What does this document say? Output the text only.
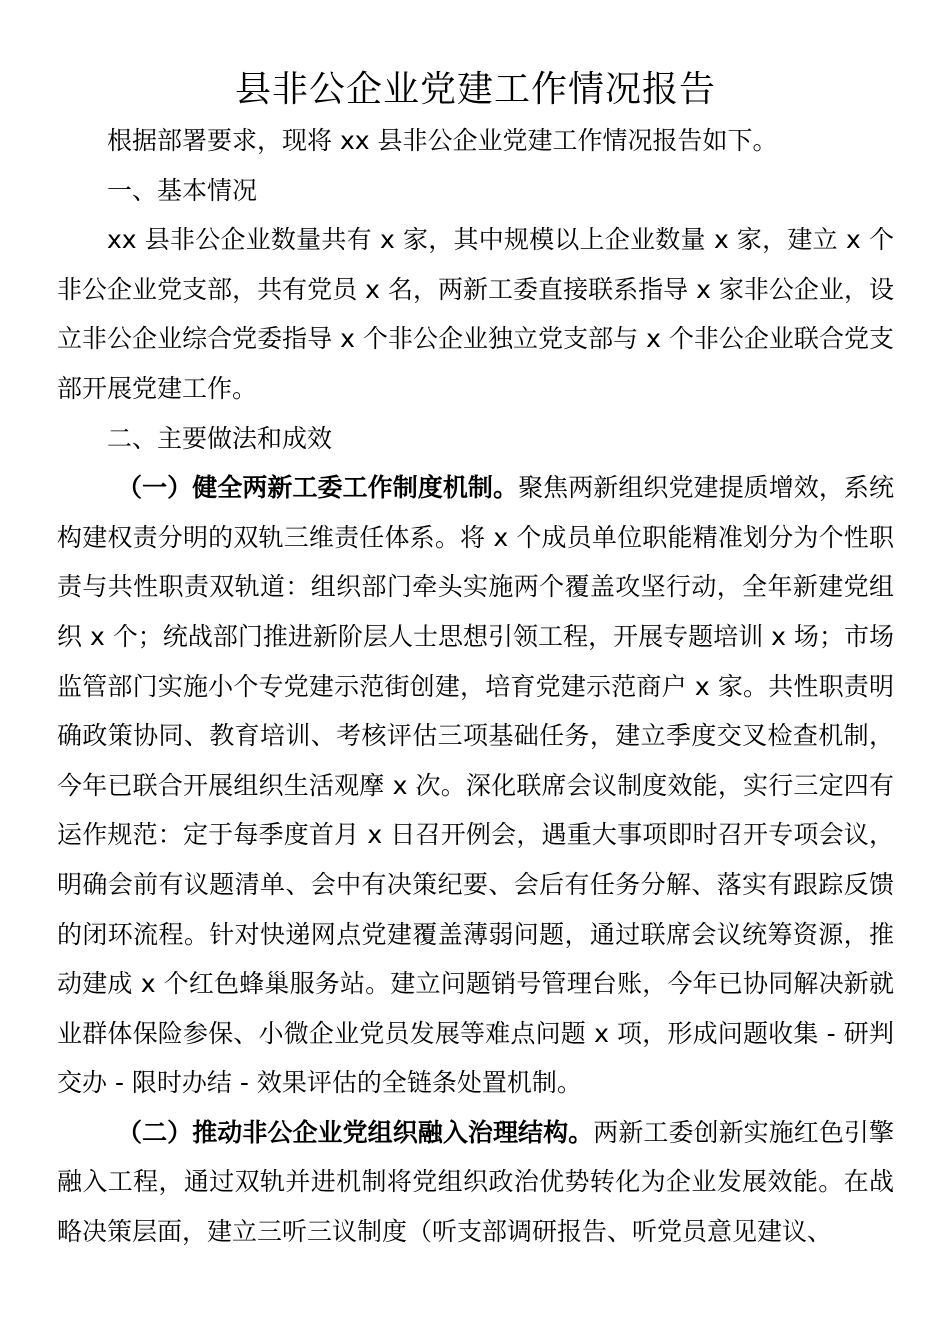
县非公企业党建工作情况报告

根据部署要求，现将 xx 县非公企业党建工作情况报告如下。

一、基本情况

xx 县非公企业数量共有 x 家，其中规模以上企业数量 x 家，建立 x 个非公企业党支部，共有党员 x 名，两新工委直接联系指导 x 家非公企业，设立非公企业综合党委指导 x 个非公企业独立党支部与 x 个非公企业联合党支部开展党建工作。

二、主要做法和成效

（一）健全两新工委工作制度机制。聚焦两新组织党建提质增效，系统构建权责分明的双轨三维责任体系。将 x 个成员单位职能精准划分为个性职责与共性职责双轨道：组织部门牵头实施两个覆盖攻坚行动，全年新建党组织 x 个；统战部门推进新阶层人士思想引领工程，开展专题培训 x 场；市场监管部门实施小个专党建示范街创建，培育党建示范商户 x 家。共性职责明确政策协同、教育培训、考核评估三项基础任务，建立季度交叉检查机制，今年已联合开展组织生活观摩 x 次。深化联席会议制度效能，实行三定四有运作规范：定于每季度首月 x 日召开例会，遇重大事项即时召开专项会议，明确会前有议题清单、会中有决策纪要、会后有任务分解、落实有跟踪反馈的闭环流程。针对快递网点党建覆盖薄弱问题，通过联席会议统筹资源，推动建成 x 个红色蜂巢服务站。建立问题销号管理台账，今年已协同解决新就业群体保险参保、小微企业党员发展等难点问题 x 项，形成问题收集 - 研判交办 - 限时办结 - 效果评估的全链条处置机制。

（二）推动非公企业党组织融入治理结构。两新工委创新实施红色引擎融入工程，通过双轨并进机制将党组织政治优势转化为企业发展效能。在战略决策层面，建立三听三议制度（听支部调研报告、听党员意见建议、
